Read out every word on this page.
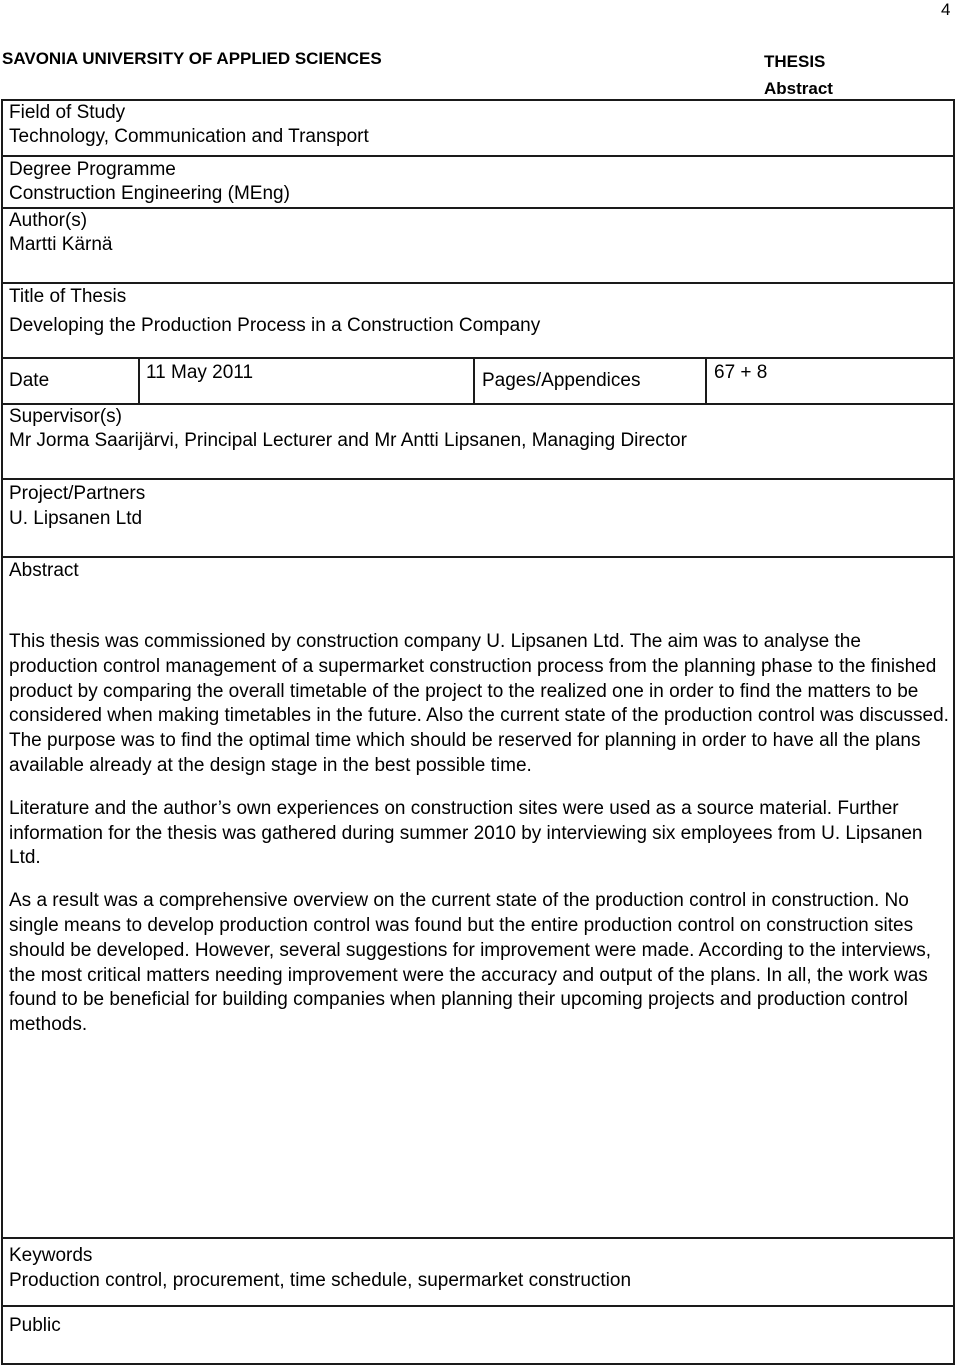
4
SAVONIA UNIVERSITY OF APPLIED SCIENCES	THESIS
Abstract
Field of Study
Technology, Communication and Transport
Degree Programme
Construction Engineering (MEng)
Author(s)
Martti Kärnä
Title of Thesis
Developing the Production Process in a Construction Company
Date	11 May 2011	Pages/Appendices	67 + 8
Supervisor(s)
Mr Jorma Saarijärvi, Principal Lecturer and Mr Antti Lipsanen, Managing Director
Project/Partners
U. Lipsanen Ltd
Abstract

This thesis was commissioned by construction company U. Lipsanen Ltd. The aim was to analyse the production control management of a supermarket construction process from the planning phase to the finished product by comparing the overall timetable of the project to the realized one in order to find the matters to be considered when making timetables in the future. Also the current state of the production control was discussed. The purpose was to find the optimal time which should be reserved for planning in order to have all the plans available already at the design stage in the best possible time.

Literature and the author’s own experiences on construction sites were used as a source material. Further information for the thesis was gathered during summer 2010 by interviewing six employees from U. Lipsanen Ltd.

As a result was a comprehensive overview on the current state of the production control in construction. No single means to develop production control was found but the entire production control on construction sites should be developed. However, several suggestions for improvement were made. According to the interviews, the most critical matters needing improvement were the accuracy and output of the plans. In all, the work was found to be beneficial for building companies when planning their upcoming projects and production control methods.

Keywords
Production control, procurement, time schedule, supermarket construction
Public
